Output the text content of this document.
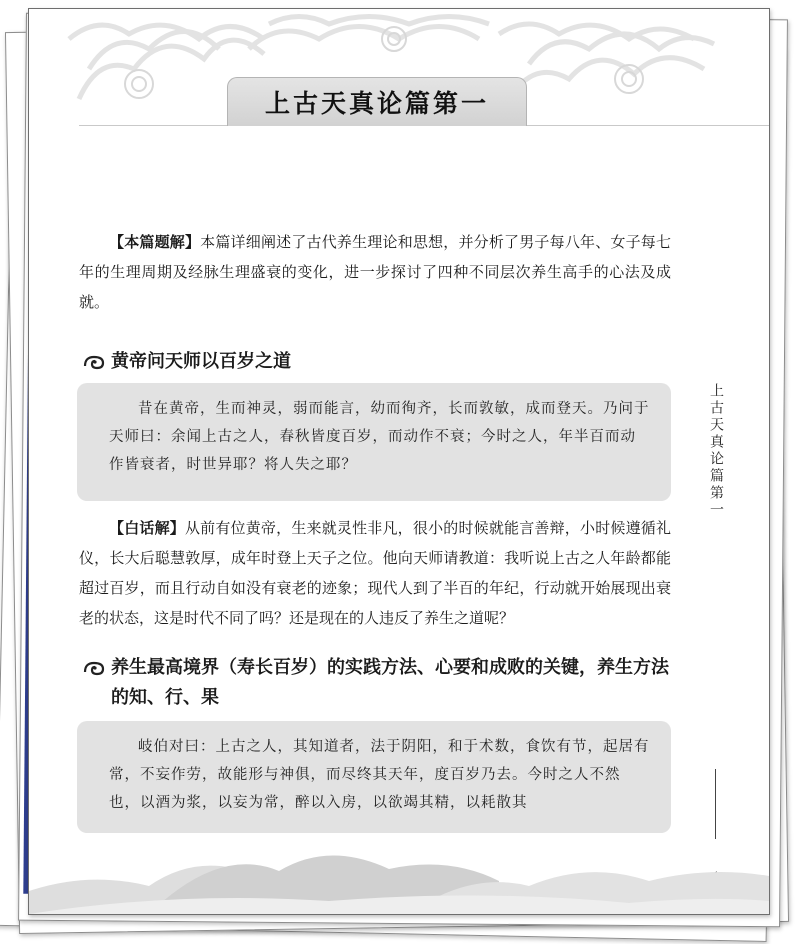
上古天真论篇第一

【本篇题解】本篇详细阐述了古代养生理论和思想，并分析了男子每八年、女子每七年的生理周期及经脉生理盛衰的变化，进一步探讨了四种不同层次养生高手的心法及成就。

黄帝问天师以百岁之道

昔在黄帝，生而神灵，弱而能言，幼而徇齐，长而敦敏，成而登天。乃问于天师曰：余闻上古之人，春秋皆度百岁，而动作不衰；今时之人，年半百而动作皆衰者，时世异耶？将人失之耶？

【白话解】从前有位黄帝，生来就灵性非凡，很小的时候就能言善辩，小时候遵循礼仪，长大后聪慧敦厚，成年时登上天子之位。他向天师请教道：我听说上古之人年龄都能超过百岁，而且行动自如没有衰老的迹象；现代人到了半百的年纪，行动就开始展现出衰老的状态，这是时代不同了吗？还是现在的人违反了养生之道呢？

养生最高境界（寿长百岁）的实践方法、心要和成败的关键，养生方法的知、行、果

岐伯对曰：上古之人，其知道者，法于阴阳，和于术数，食饮有节，起居有常，不妄作劳，故能形与神俱，而尽终其天年，度百岁乃去。今时之人不然也，以酒为浆，以妄为常，醉以入房，以欲竭其精，以耗散其

上古天真论篇第一
